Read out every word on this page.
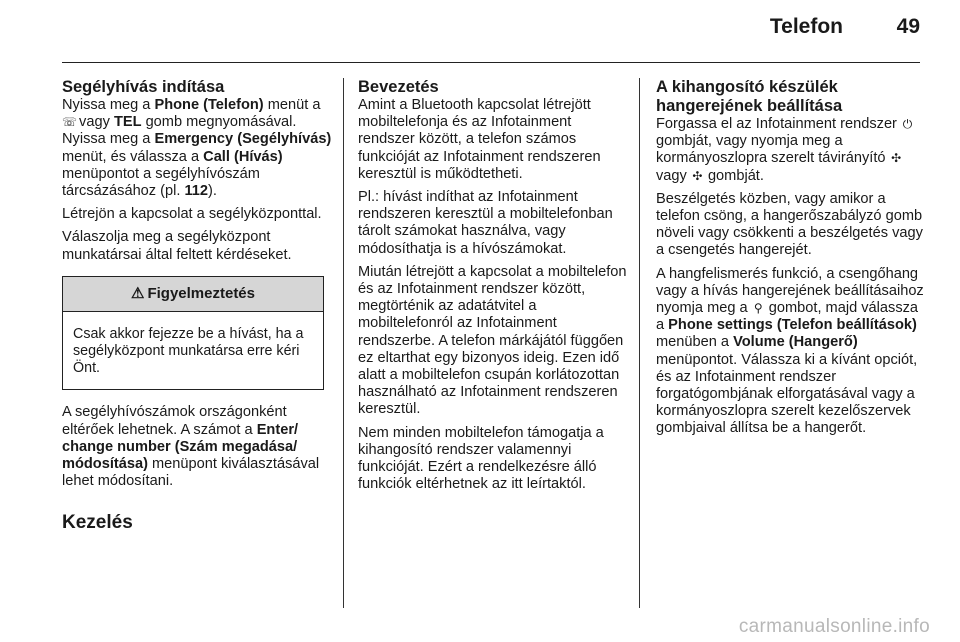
Telefon	49
Segélyhívás indítása

Nyissa meg a Phone (Telefon) menüt a ☏ vagy TEL gomb megnyomásával. Nyissa meg a Emergency (Segélyhívás) menüt, és válassza a Call (Hívás) menüpontot a segélyhívószám tárcsázásához (pl. 112).

Létrejön a kapcsolat a segélyközponttal.

Válaszolja meg a segélyközpont munkatársai által feltett kérdéseket.

⚠ Figyelmeztetés
Csak akkor fejezze be a hívást, ha a segélyközpont munkatársa erre kéri Önt.

A segélyhívószámok országonként eltérőek lehetnek. A számot a Enter/ change number (Szám megadása/ módosítása) menüpont kiválasztásával lehet módosítani.

Kezelés
Bevezetés

Amint a Bluetooth kapcsolat létrejött mobiltelefonja és az Infotainment rendszer között, a telefon számos funkcióját az Infotainment rendszeren keresztül is működtetheti.

Pl.: hívást indíthat az Infotainment rendszeren keresztül a mobiltelefonban tárolt számokat használva, vagy módosíthatja is a hívószámokat.

Miután létrejött a kapcsolat a mobiltelefon és az Infotainment rendszer között, megtörténik az adatátvitel a mobiltelefonról az Infotainment rendszerbe. A telefon márkájától függően ez eltarthat egy bizonyos ideig. Ezen idő alatt a mobiltelefon csupán korlátozottan használható az Infotainment rendszeren keresztül.

Nem minden mobiltelefon támogatja a kihangosító rendszer valamennyi funkcióját. Ezért a rendelkezésre álló funkciók eltérhetnek az itt leírtaktól.

A kihangosító készülék hangerejének beállítása

Forgassa el az Infotainment rendszer ⏻ gombját, vagy nyomja meg a kormányoszlopra szerelt távirányító ✣ vagy ✣ gombját.

Beszélgetés közben, vagy amikor a telefon csöng, a hangerőszabályzó gomb növeli vagy csökkenti a beszélgetés vagy a csengetés hangerejét.

A hangfelismerés funkció, a csengőhang vagy a hívás hangerejének beállításaihoz nyomja meg a ⚲ gombot, majd válassza a Phone settings (Telefon beállítások) menüben a Volume (Hangerő) menüpontot. Válassza ki a kívánt opciót, és az Infotainment rendszer forgatógombjának elforgatásával vagy a kormányoszlopra szerelt kezelőszervek gombjaival állítsa be a hangerőt.

carmanualsonline.info
